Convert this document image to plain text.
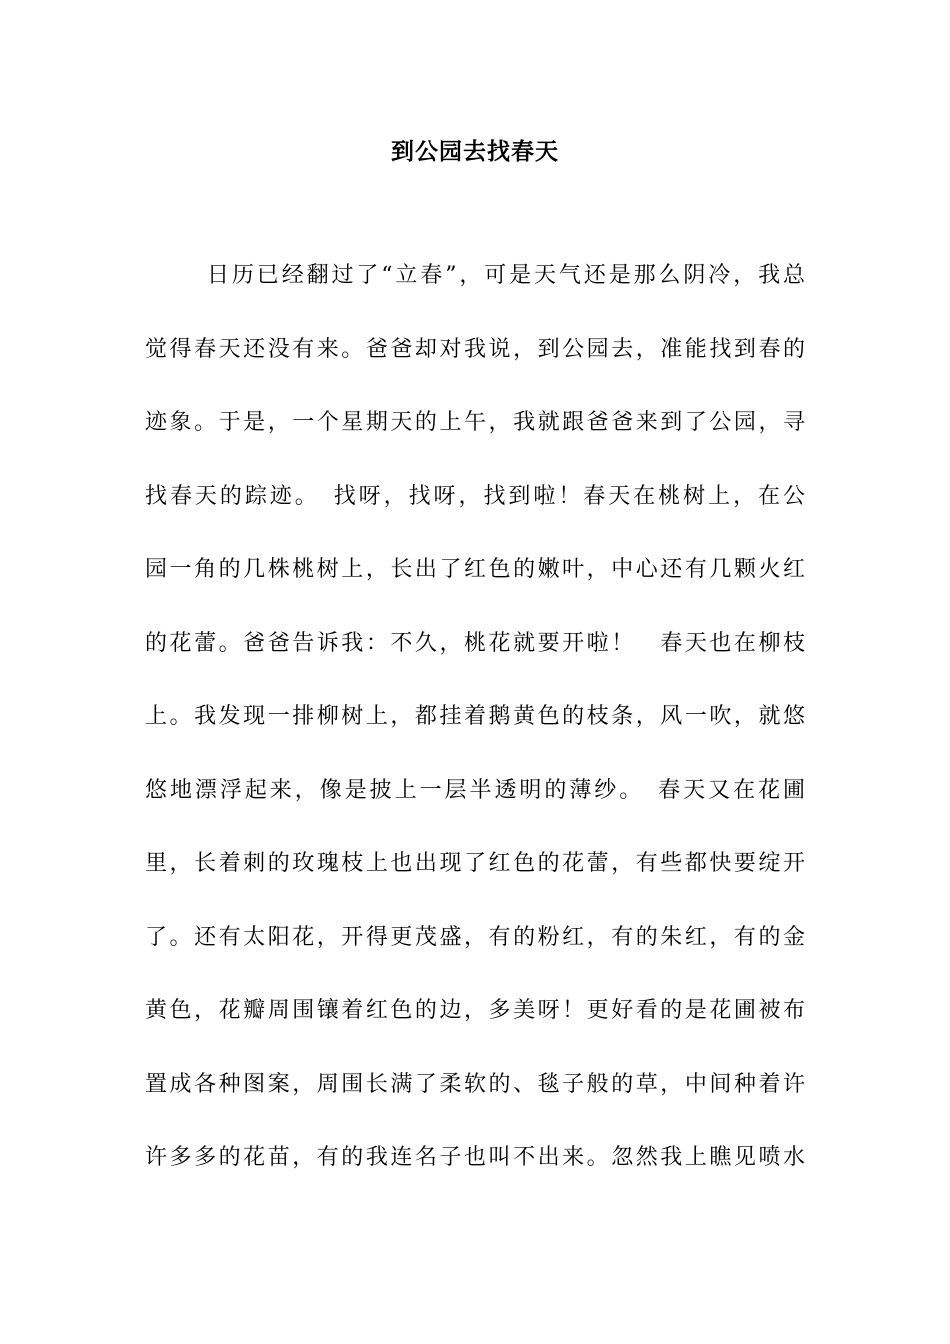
到公园去找春天
日历已经翻过了“立春”，可是天气还是那么阴冷，我总
觉得春天还没有来。爸爸却对我说，到公园去，准能找到春的
迹象。于是，一个星期天的上午，我就跟爸爸来到了公园，寻
找春天的踪迹。　找呀，找呀，找到啦！春天在桃树上，在公
园一角的几株桃树上，长出了红色的嫩叶，中心还有几颗火红
的花蕾。爸爸告诉我：不久，桃花就要开啦！　春天也在柳枝
上。我发现一排柳树上，都挂着鹅黄色的枝条，风一吹，就悠
悠地漂浮起来，像是披上一层半透明的薄纱。　春天又在花圃
里，长着刺的玫瑰枝上也出现了红色的花蕾，有些都快要绽开
了。还有太阳花，开得更茂盛，有的粉红，有的朱红，有的金
黄色，花瓣周围镶着红色的边，多美呀！更好看的是花圃被布
置成各种图案，周围长满了柔软的、毯子般的草，中间种着许
许多多的花苗，有的我连名子也叫不出来。忽然我上瞧见喷水
